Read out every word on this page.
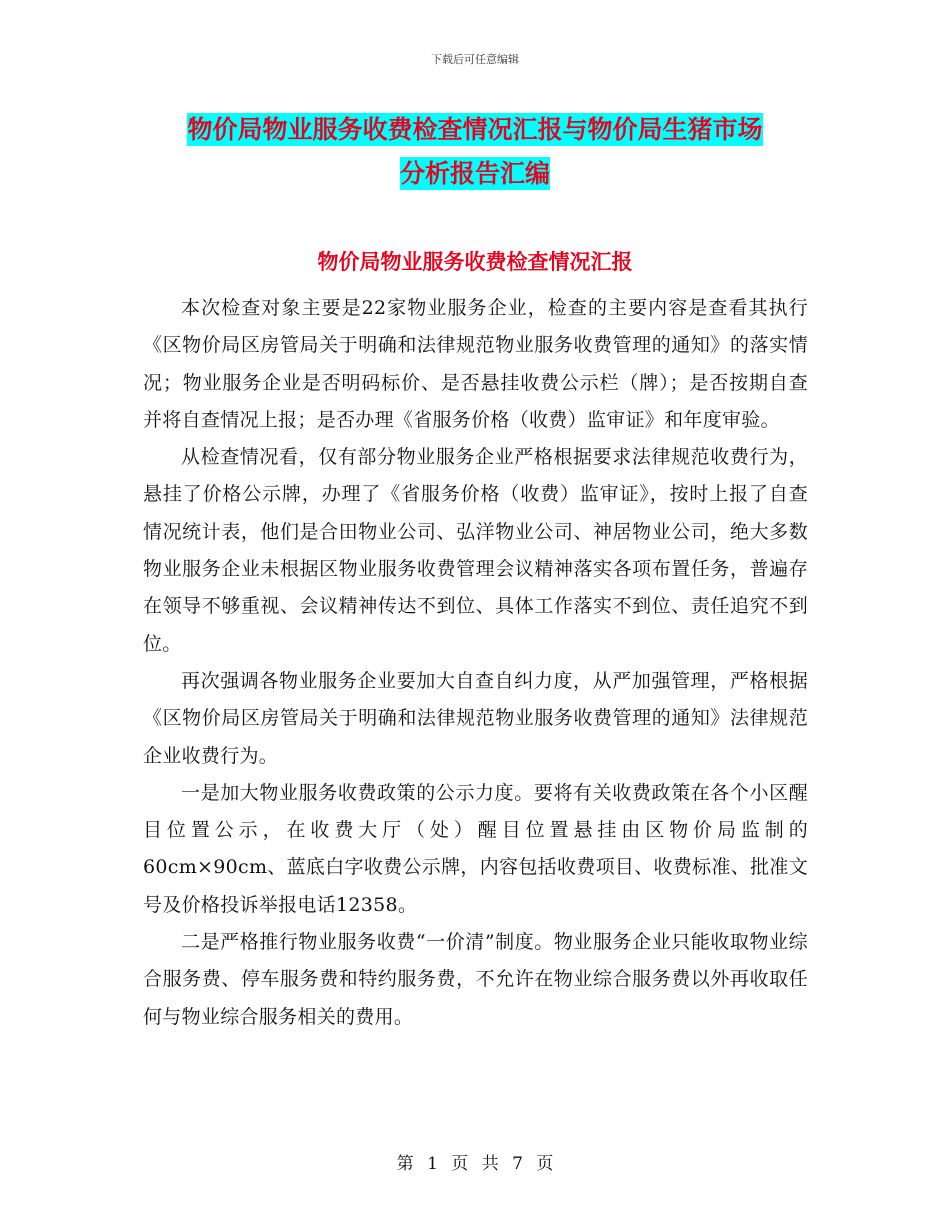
下载后可任意编辑
物价局物业服务收费检查情况汇报与物价局生猪市场
分析报告汇编
物价局物业服务收费检查情况汇报

本次检查对象主要是22家物业服务企业，检查的主要内容是查看其执行《区物价局区房管局关于明确和法律规范物业服务收费管理的通知》的落实情况；物业服务企业是否明码标价、是否悬挂收费公示栏（牌）；是否按期自查并将自查情况上报；是否办理《省服务价格（收费）监审证》和年度审验。

从检查情况看，仅有部分物业服务企业严格根据要求法律规范收费行为，悬挂了价格公示牌，办理了《省服务价格（收费）监审证》，按时上报了自查情况统计表，他们是合田物业公司、弘洋物业公司、神居物业公司，绝大多数物业服务企业未根据区物业服务收费管理会议精神落实各项布置任务，普遍存在领导不够重视、会议精神传达不到位、具体工作落实不到位、责任追究不到位。

再次强调各物业服务企业要加大自查自纠力度，从严加强管理，严格根据《区物价局区房管局关于明确和法律规范物业服务收费管理的通知》法律规范企业收费行为。

一是加大物业服务收费政策的公示力度。要将有关收费政策在各个小区醒目位置公示，在收费大厅（处）醒目位置悬挂由区物价局监制的60cm×90cm、蓝底白字收费公示牌，内容包括收费项目、收费标准、批准文号及价格投诉举报电话12358。

二是严格推行物业服务收费“一价清”制度。物业服务企业只能收取物业综合服务费、停车服务费和特约服务费，不允许在物业综合服务费以外再收取任何与物业综合服务相关的费用。

第 1 页 共 7 页
